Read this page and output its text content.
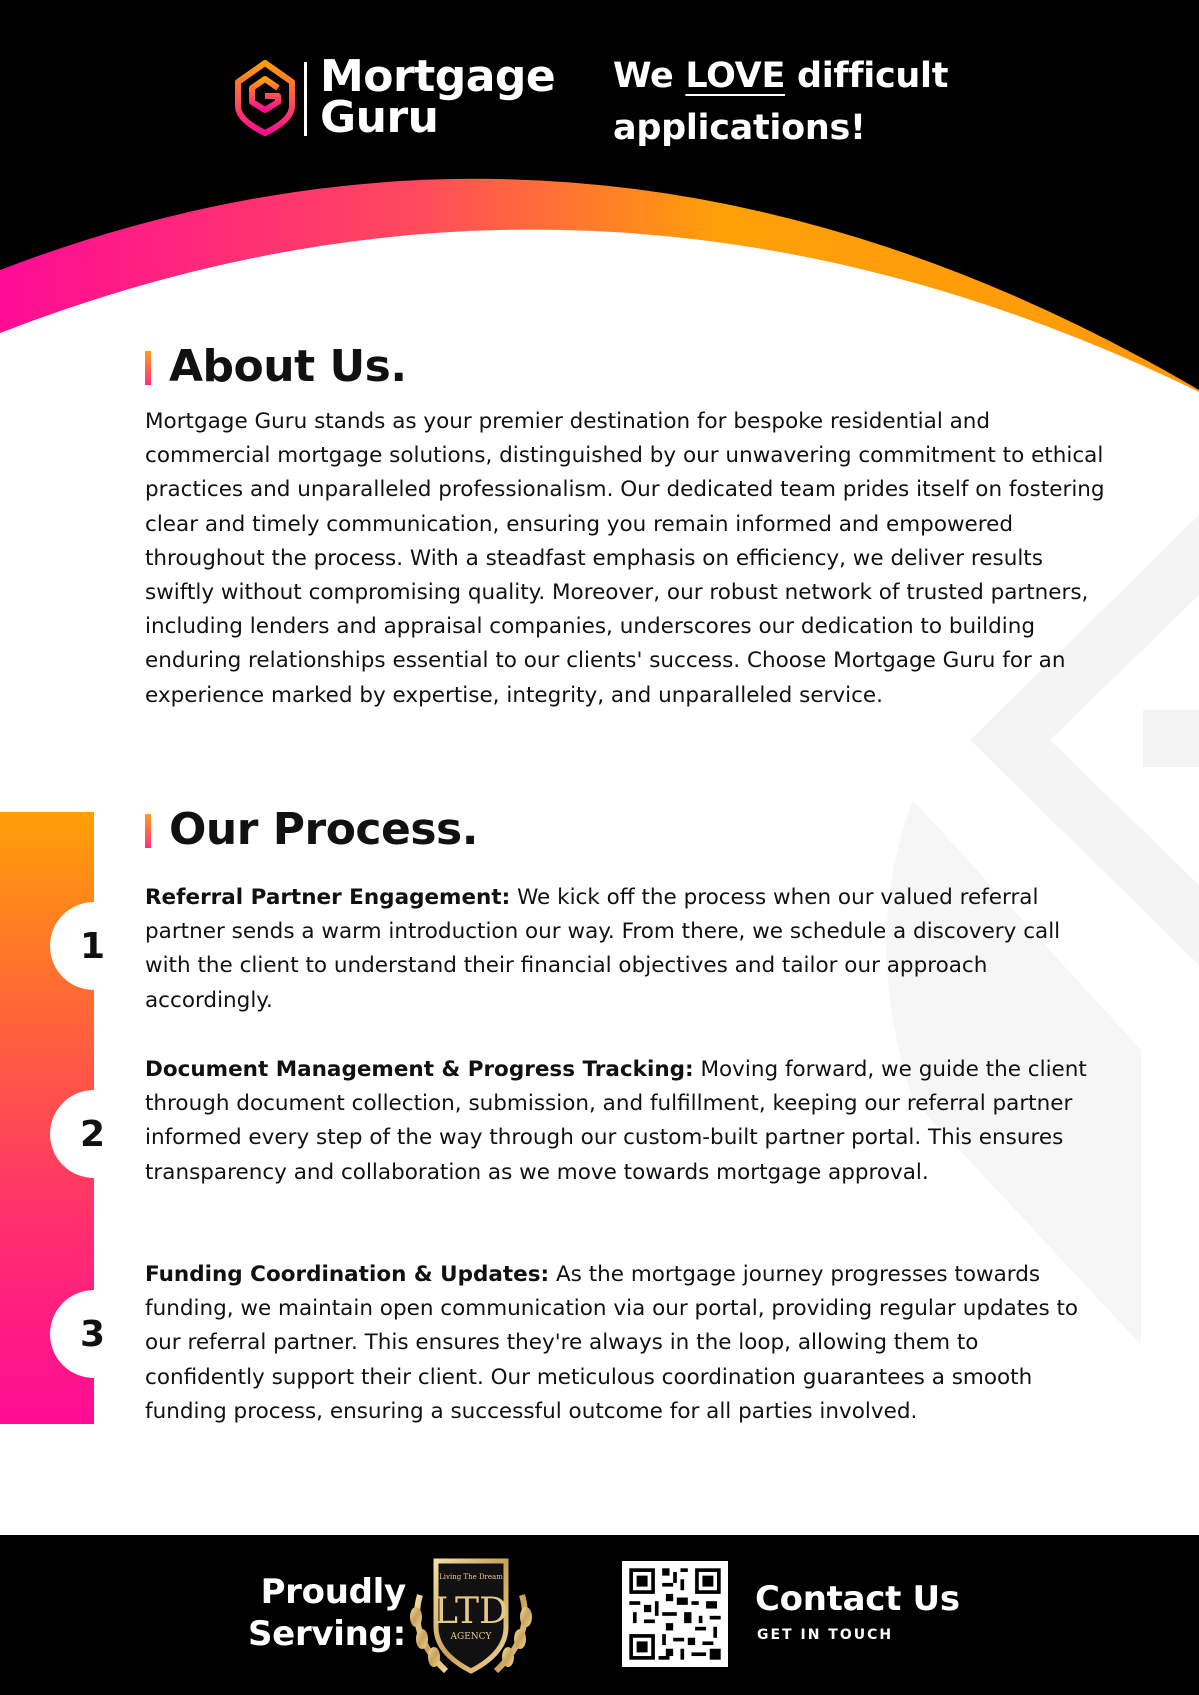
Mortgage
Guru
We LOVE difficult
applications!
About Us.
Mortgage Guru stands as your premier destination for bespoke residential and commercial mortgage solutions, distinguished by our unwavering commitment to ethical practices and unparalleled professionalism. Our dedicated team prides itself on fostering clear and timely communication, ensuring you remain informed and empowered throughout the process. With a steadfast emphasis on efficiency, we deliver results swiftly without compromising quality. Moreover, our robust network of trusted partners, including lenders and appraisal companies, underscores our dedication to building enduring relationships essential to our clients' success. Choose Mortgage Guru for an experience marked by expertise, integrity, and unparalleled service.
Our Process.
1
2
3
Referral Partner Engagement: We kick off the process when our valued referral partner sends a warm introduction our way. From there, we schedule a discovery call with the client to understand their financial objectives and tailor our approach accordingly.
Document Management & Progress Tracking: Moving forward, we guide the client through document collection, submission, and fulfillment, keeping our referral partner informed every step of the way through our custom-built partner portal. This ensures transparency and collaboration as we move towards mortgage approval.
Funding Coordination & Updates: As the mortgage journey progresses towards funding, we maintain open communication via our portal, providing regular updates to our referral partner. This ensures they're always in the loop, allowing them to confidently support their client. Our meticulous coordination guarantees a smooth funding process, ensuring a successful outcome for all parties involved.
Proudly
Serving:
Living The Dream
LTD
AGENCY
Contact Us
GET IN TOUCH
